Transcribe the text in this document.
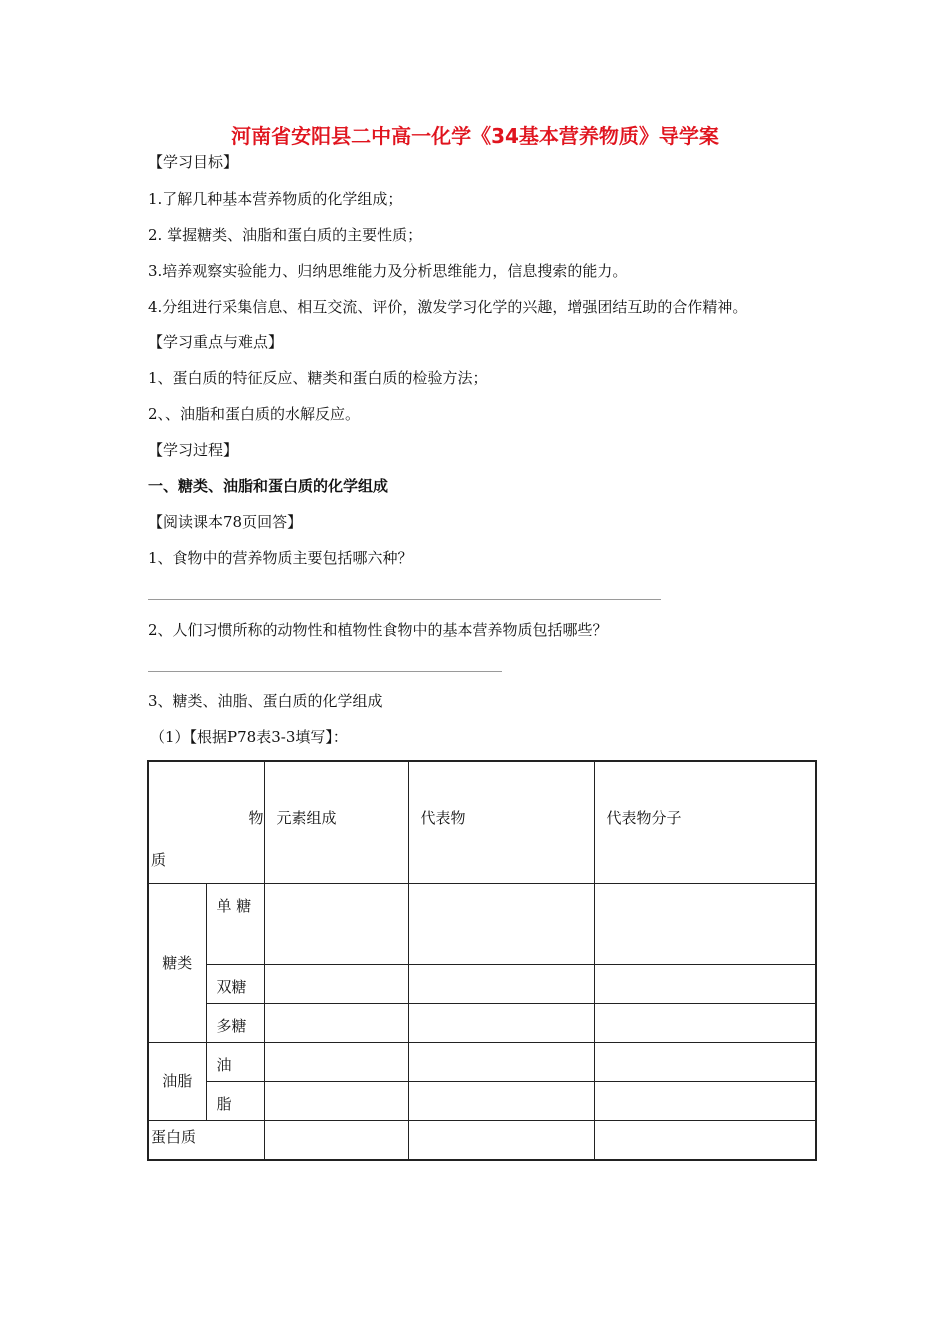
河南省安阳县二中高一化学《34基本营养物质》导学案
【学习目标】
1.了解几种基本营养物质的化学组成；
2. 掌握糖类、油脂和蛋白质的主要性质；
3.培养观察实验能力、归纳思维能力及分析思维能力，信息搜索的能力。
4.分组进行采集信息、相互交流、评价，激发学习化学的兴趣，增强团结互助的合作精神。
【学习重点与难点】
1、蛋白质的特征反应、糖类和蛋白质的检验方法；
2、、油脂和蛋白质的水解反应。
【学习过程】
一、糖类、油脂和蛋白质的化学组成
【阅读课本78页回答】
1、食物中的营养物质主要包括哪六种？
2、人们习惯所称的动物性和植物性食物中的基本营养物质包括哪些？
3、糖类、油脂、蛋白质的化学组成
（1）【根据P78表3-3填写】：
物
质		元素组成	代表物	代表物分子

糖类	单 糖			
	双糖			
	多糖			
油脂	油			
	脂			
蛋白质				
